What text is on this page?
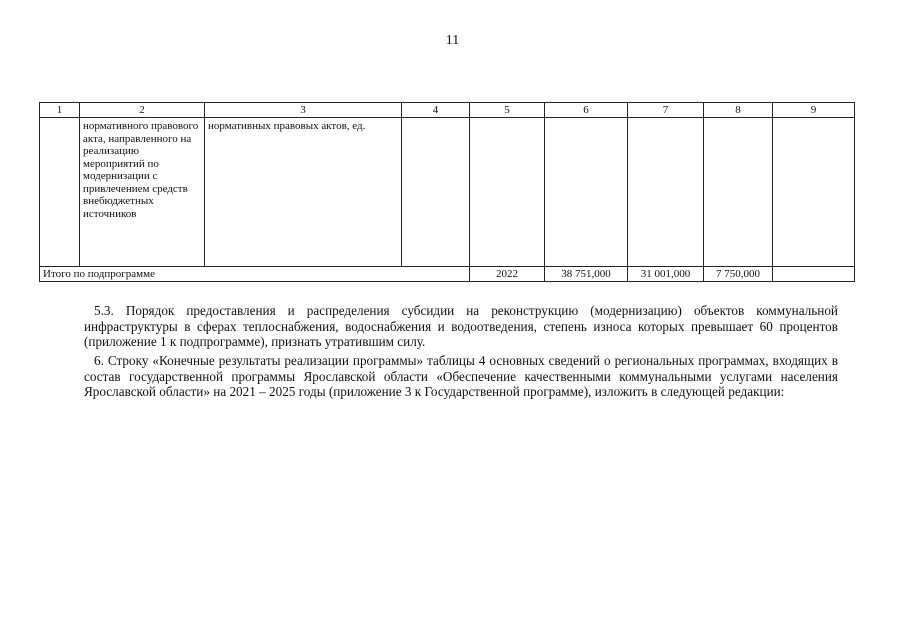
11
1	2	3	4	5	6	7	8	9
	нормативного правового акта, направленного на реализацию мероприятий по модернизации с привлечением средств внебюджетных источников	нормативных правовых актов, ед.						
Итого по подпрограмме				2022	38 751,000	31 001,000	7 750,000	

5.3. Порядок предоставления и распределения субсидии на реконструкцию (модернизацию) объектов коммунальной инфраструктуры в сферах теплоснабжения, водоснабжения и водоотведения, степень износа которых превышает 60 процентов (приложение 1 к подпрограмме), признать утратившим силу.

6. Строку «Конечные результаты реализации программы» таблицы 4 основных сведений о региональных программах, входящих в состав государственной программы Ярославской области «Обеспечение качественными коммунальными услугами населения Ярославской области» на 2021 – 2025 годы (приложение 3 к Государственной программе), изложить в следующей редакции:
